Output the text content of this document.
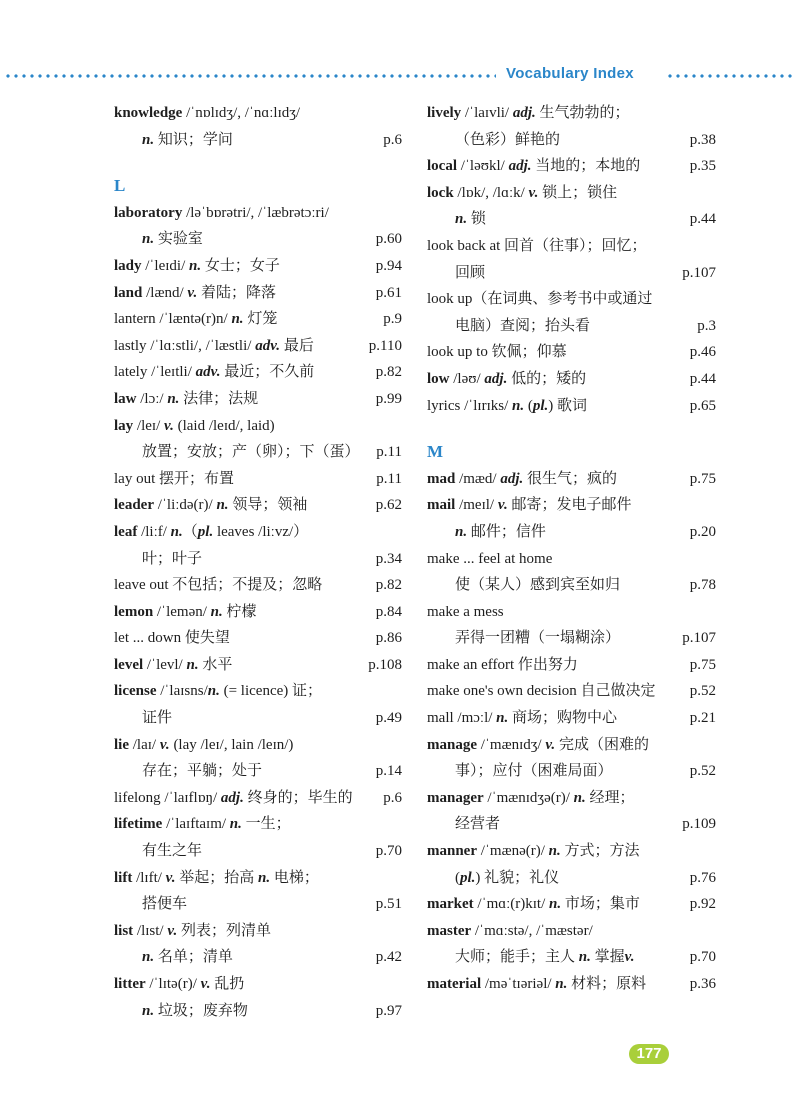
Vocabulary Index
knowledge /ˈnɒlɪdʒ/, /ˈnɑːlɪdʒ/
n. 知识；学问	p.6
L
laboratory /ləˈbɒrətri/, /ˈlæbrətɔːri/
n. 实验室	p.60
lady /ˈleɪdi/ n. 女士；女子	p.94
land /lænd/ v. 着陆；降落	p.61
lantern /ˈlæntə(r)n/ n. 灯笼	p.9
lastly /ˈlɑːstli/, /ˈlæstli/ adv. 最后	p.110
lately /ˈleɪtli/ adv. 最近；不久前	p.82
law /lɔː/ n. 法律；法规	p.99
lay /leɪ/ v. (laid /leɪd/, laid)
放置；安放；产（卵）；下（蛋） p.11
lay out 摆开；布置	p.11
leader /ˈliːdə(r)/ n. 领导；领袖	p.62
leaf /liːf/ n.（pl. leaves /liːvz/）
叶；叶子	p.34
leave out 不包括；不提及；忽略	p.82
lemon /ˈlemən/ n. 柠檬	p.84
let ... down 使失望	p.86
level /ˈlevl/ n. 水平	p.108
license /ˈlaɪsns/n. (= licence) 证；
证件	p.49
lie /laɪ/ v. (lay /leɪ/, lain /leɪn/)
存在；平躺；处于	p.14
lifelong /ˈlaɪflɒŋ/ adj. 终身的；毕生的 p.6
lifetime /ˈlaɪftaɪm/ n. 一生；
有生之年	p.70
lift /lɪft/ v. 举起；抬高 n. 电梯；
搭便车	p.51
list /lɪst/ v. 列表；列清单
n. 名单；清单	p.42
litter /ˈlɪtə(r)/ v. 乱扔
n. 垃圾；废弃物	p.97
lively /ˈlaɪvli/ adj. 生气勃勃的；
（色彩）鲜艳的	p.38
local /ˈləʊkl/ adj. 当地的；本地的	p.35
lock /lɒk/, /lɑːk/ v. 锁上；锁住
n. 锁	p.44
look back at 回首（往事）；回忆；
回顾	p.107
look up（在词典、参考书中或通过
电脑）查阅；抬头看	p.3
look up to 钦佩；仰慕	p.46
low /ləʊ/ adj. 低的；矮的	p.44
lyrics /ˈlɪrɪks/ n. (pl.) 歌词	p.65
M
mad /mæd/ adj. 很生气；疯的	p.75
mail /meɪl/ v. 邮寄；发电子邮件
n. 邮件；信件	p.20
make ... feel at home
使（某人）感到宾至如归	p.78
make a mess
弄得一团糟（一塌糊涂）	p.107
make an effort 作出努力	p.75
make one's own decision 自己做决定 p.52
mall /mɔːl/ n. 商场；购物中心	p.21
manage /ˈmænɪdʒ/ v. 完成（困难的
事）；应付（困难局面）	p.52
manager /ˈmænɪdʒə(r)/ n. 经理；
经营者	p.109
manner /ˈmænə(r)/ n. 方式；方法
(pl.) 礼貌；礼仪	p.76
market /ˈmɑː(r)kɪt/ n. 市场；集市	p.92
master /ˈmɑːstə/, /ˈmæstər/
大师；能手；主人 n. 掌握v.	p.70
material /məˈtɪəriəl/ n. 材料；原料	p.36
177
